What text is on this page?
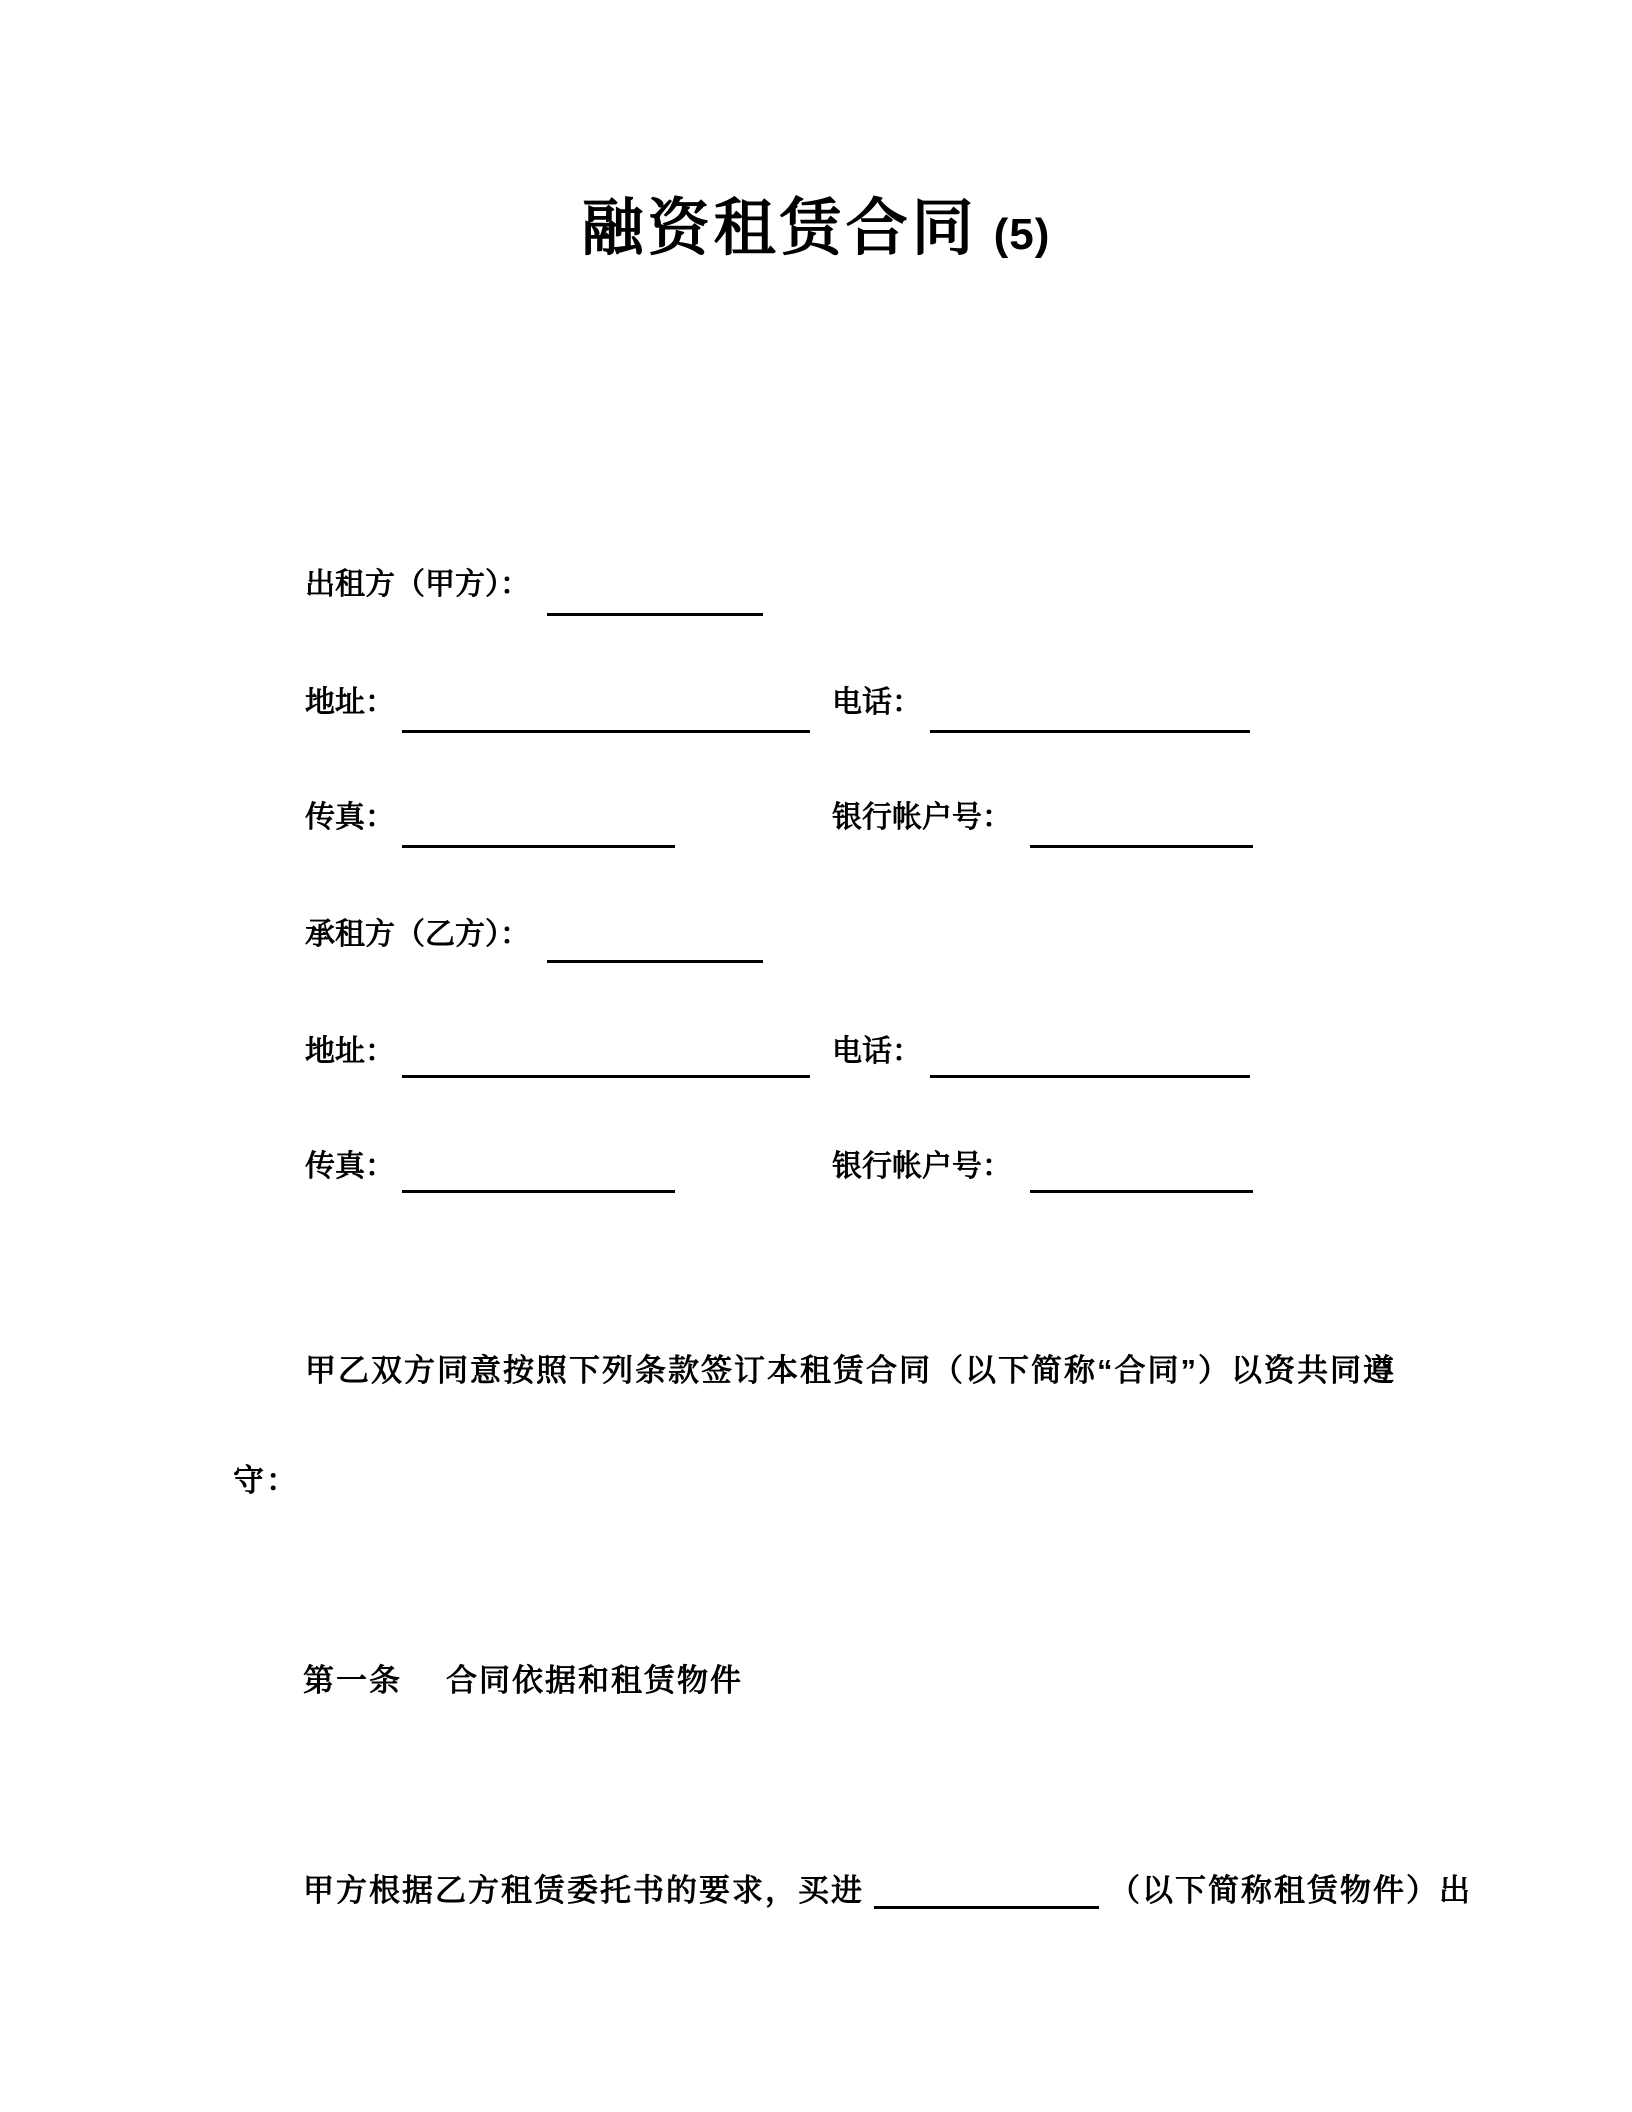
融资租赁合同 (5)
出租方（甲方）：
地址：	电话：
传真：	银行帐户号：
承租方（乙方）：
地址：	电话：
传真：	银行帐户号：
甲乙双方同意按照下列条款签订本租赁合同（以下简称“合同”）以资共同遵
守：
第一条 合同依据和租赁物件
甲方根据乙方租赁委托书的要求，买进	（以下简称租赁物件）出
